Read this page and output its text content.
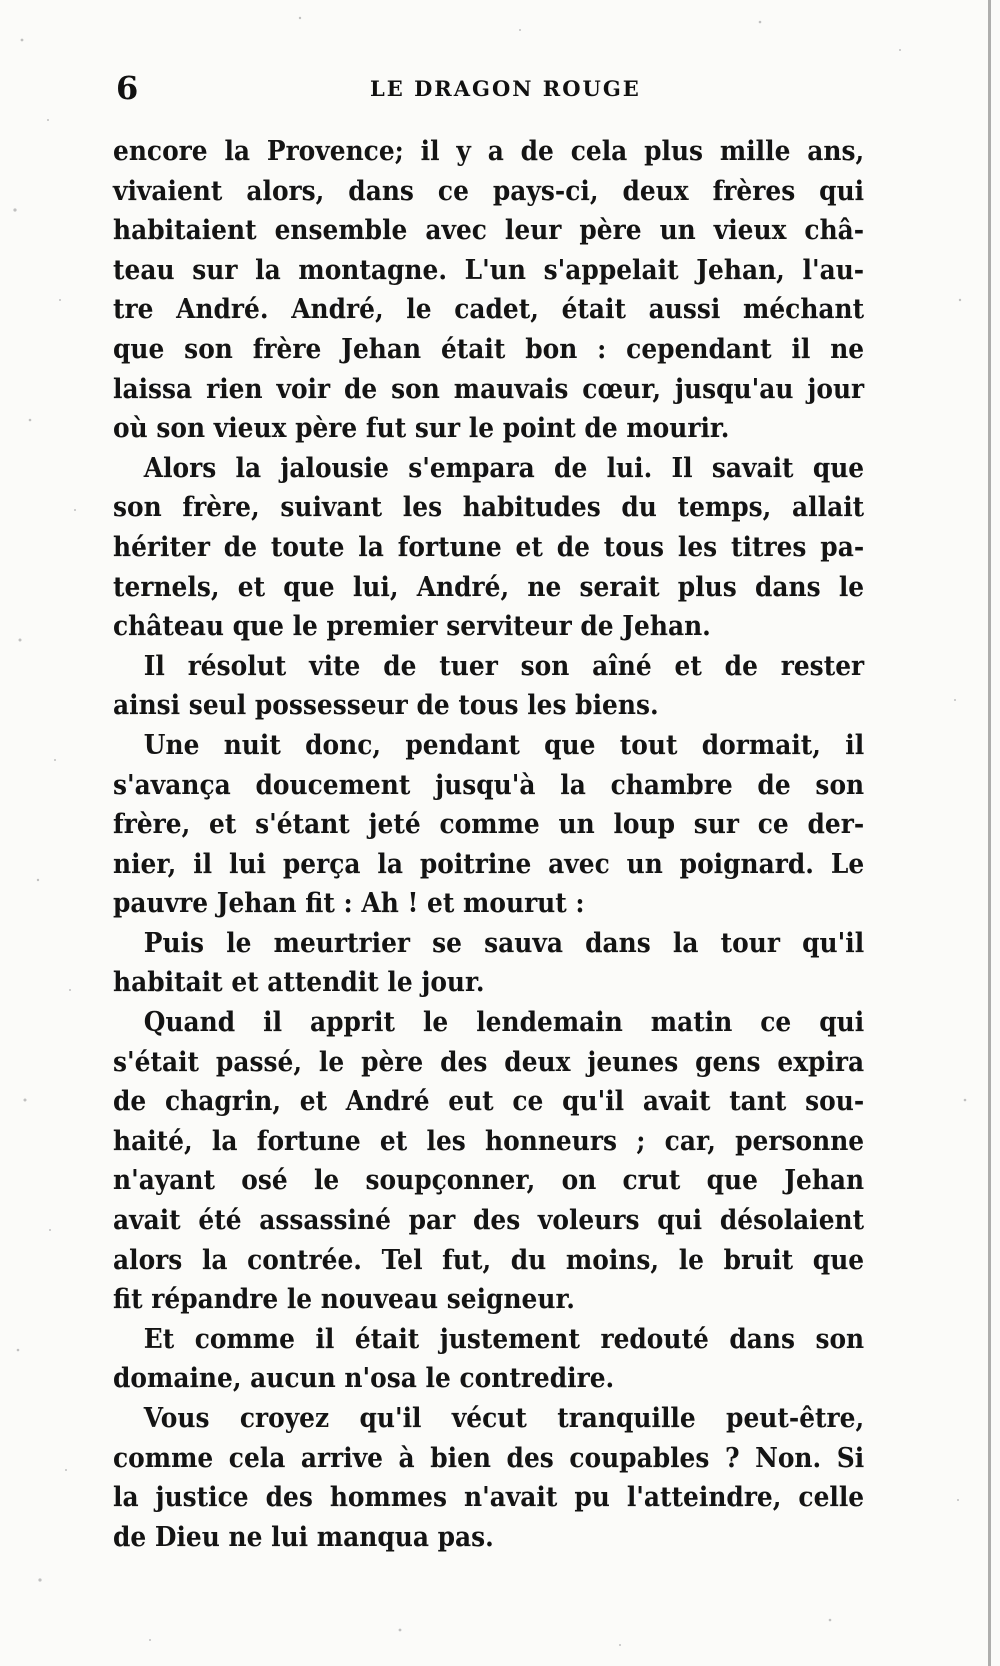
6	LE DRAGON ROUGE
encore la Provence; il y a de cela plus mille ans,
vivaient alors, dans ce pays-ci, deux frères qui
habitaient ensemble avec leur père un vieux châ-
teau sur la montagne. L'un s'appelait Jehan, l'au-
tre André. André, le cadet, était aussi méchant
que son frère Jehan était bon : cependant il ne
laissa rien voir de son mauvais cœur, jusqu'au jour
où son vieux père fut sur le point de mourir.
Alors la jalousie s'empara de lui. Il savait que
son frère, suivant les habitudes du temps, allait
hériter de toute la fortune et de tous les titres pa-
ternels, et que lui, André, ne serait plus dans le
château que le premier serviteur de Jehan.
Il résolut vite de tuer son aîné et de rester
ainsi seul possesseur de tous les biens.
Une nuit donc, pendant que tout dormait, il
s'avança doucement jusqu'à la chambre de son
frère, et s'étant jeté comme un loup sur ce der-
nier, il lui perça la poitrine avec un poignard. Le
pauvre Jehan fit : Ah ! et mourut :
Puis le meurtrier se sauva dans la tour qu'il
habitait et attendit le jour.
Quand il apprit le lendemain matin ce qui
s'était passé, le père des deux jeunes gens expira
de chagrin, et André eut ce qu'il avait tant sou-
haité, la fortune et les honneurs ; car, personne
n'ayant osé le soupçonner, on crut que Jehan
avait été assassiné par des voleurs qui désolaient
alors la contrée. Tel fut, du moins, le bruit que
fit répandre le nouveau seigneur.
Et comme il était justement redouté dans son
domaine, aucun n'osa le contredire.
Vous croyez qu'il vécut tranquille peut-être,
comme cela arrive à bien des coupables ? Non. Si
la justice des hommes n'avait pu l'atteindre, celle
de Dieu ne lui manqua pas.
